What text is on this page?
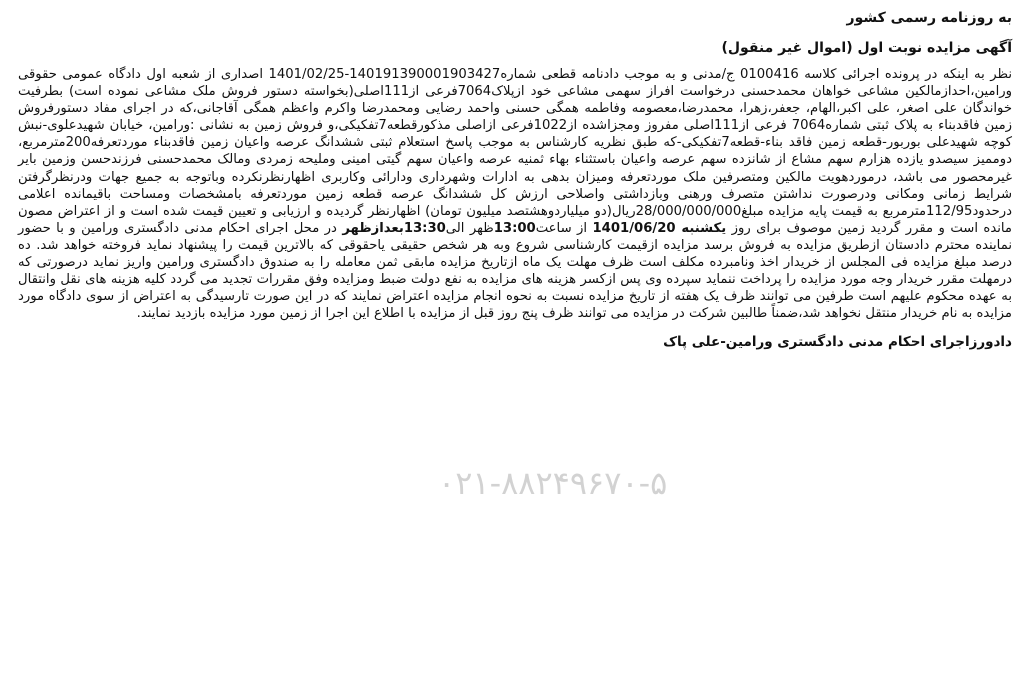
به روزنامه رسمی کشور
آگهی مزایده نوبت اول (اموال غیر منقول)
۰۲۱-۸۸۲۴۹۶۷۰-۵

نظر به اینکه در پرونده اجرائی کلاسه 0100416 ج/مدنی و به موجب دادنامه قطعی شماره140191390001903427-1401/02/25 اصداری از شعبه اول دادگاه عمومی حقوقی ورامین،احدازمالکین مشاعی خواهان محمدحسنی درخواست افراز سهمی مشاعی خود ازپلاک7064فرعی از111اصلی(بخواسته دستور فروش ملک مشاعی نموده است) بطرفیت خواندگان علی اصغر، علی اکبر،الهام، جعفر،زهرا، محمدرضا،معصومه وفاطمه همگی حسنی واحمد رضایی ومحمدرضا واکرم واعظم همگی آقاجانی،که در اجرای مفاد دستورفروش زمین فاقدبناء به پلاک ثبتی شماره7064 فرعی از111اصلی مفروز ومجزاشده از1022فرعی ازاصلی مذکورقطعه7تفکیکی،و فروش زمین به نشانی :ورامین، خیابان شهیدعلوی-نبش کوچه شهیدعلی بوربور-قطعه زمین فاقد بناء-قطعه7تفکیکی-که طبق نظریه کارشناس به موجب پاسخ استعلام ثبتی ششدانگ عرصه واعیان زمین فاقدبناء موردتعرفه200مترمربع، دوممیز سیصدو یازده هزارم سهم مشاع از شانزده سهم عرصه واعیان باستثناء بهاء ثمنیه عرصه واعیان سهم گیتی امینی وملیحه زمردی ومالک محمدحسنی فرزندحسن وزمین بایر غیرمحصور می باشد، درموردهویت مالکین ومتصرفین ملک موردتعرفه ومیزان بدهی به ادارات وشهرداری ودارائی وکاربری اظهارنظرنکرده وباتوجه به جمیع جهات ودرنظرگرفتن شرایط زمانی ومکانی ودرصورت نداشتن متصرف ورهنی وبازداشتی واصلاحی ارزش کل ششدانگ عرصه قطعه زمین موردتعرفه بامشخصات ومساحت باقیمانده اعلامی درحدود112/95مترمربع به قیمت پایه مزایده مبلغ28/000/000/000ریال(دو میلیاردوهشتصد میلیون تومان) اظهارنظر گردیده و ارزیابی و تعیین قیمت شده است و از اعتراض مصون مانده است و مقرر گردید زمین موصوف برای روز یکشنبه 1401/06/20 از ساعت13:00ظهر الی13:30بعدازظهر در محل اجرای احکام مدنی دادگستری ورامین و با حضور نماینده محترم دادستان ازطریق مزایده به فروش برسد مزایده ازقیمت کارشناسی شروع وبه هر شخص حقیقی یاحقوقی که بالاترین قیمت را پیشنهاد نماید فروخته خواهد شد. ده درصد مبلغ مزایده فی المجلس از خریدار اخذ ونامبرده مکلف است ظرف مهلت یک ماه ازتاریخ مزایده مابقی ثمن معامله را به صندوق دادگستری ورامین واریز نماید درصورتی که درمهلت مقرر خریدار وجه مورد مزایده را پرداخت ننماید سپرده وی پس ازکسر هزینه های مزایده به نفع دولت ضبط ومزایده وفق مقررات تجدید می گردد کلیه هزینه های نقل وانتقال به عهده محکوم علیهم است طرفین می توانند ظرف یک هفته از تاریخ مزایده نسبت به نحوه انجام مزایده اعتراض نمایند که در این صورت تارسیدگی به اعتراض از سوی دادگاه مورد مزایده به نام خریدار منتقل نخواهد شد،ضمناً طالبین شرکت در مزایده می توانند ظرف پنج روز قبل از مزایده با اطلاع این اجرا از زمین مورد مزایده بازدید نمایند.

دادورزاجرای احکام مدنی دادگستری ورامین-علی پاک
